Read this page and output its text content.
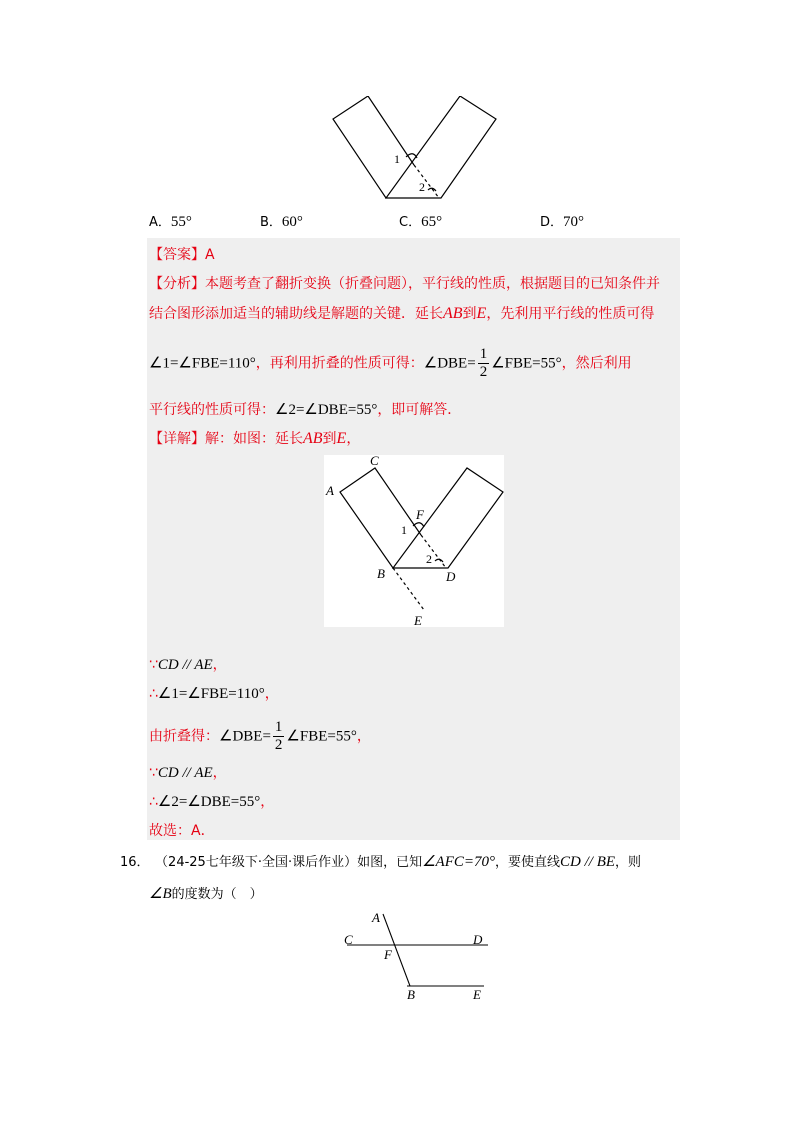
1
2
A．55°	B．60°	C．65°	D．70°
【答案】A
【分析】本题考查了翻折变换（折叠问题），平行线的性质，根据题目的已知条件并
结合图形添加适当的辅助线是解题的关键．延长AB到E，先利用平行线的性质可得
∠1=∠FBE=110°，再利用折叠的性质可得：∠DBE= $\frac{1}{2}$ ∠FBE=55°，然后利用
平行线的性质可得：∠2=∠DBE=55°，即可解答．
【详解】解：如图：延长AB到E，
C
A
F
1
2
B	D
E
∵CD // AE，
∴∠1=∠FBE=110°，
由折叠得：∠DBE= $\frac{1}{2}$ ∠FBE=55°，
∵CD // AE，
∴∠2=∠DBE=55°，
故选：A．
16． （24-25七年级下·全国·课后作业）如图，已知∠AFC=70°，要使直线CD // BE，则
∠B的度数为（　）
A
C	D
F
B	E
